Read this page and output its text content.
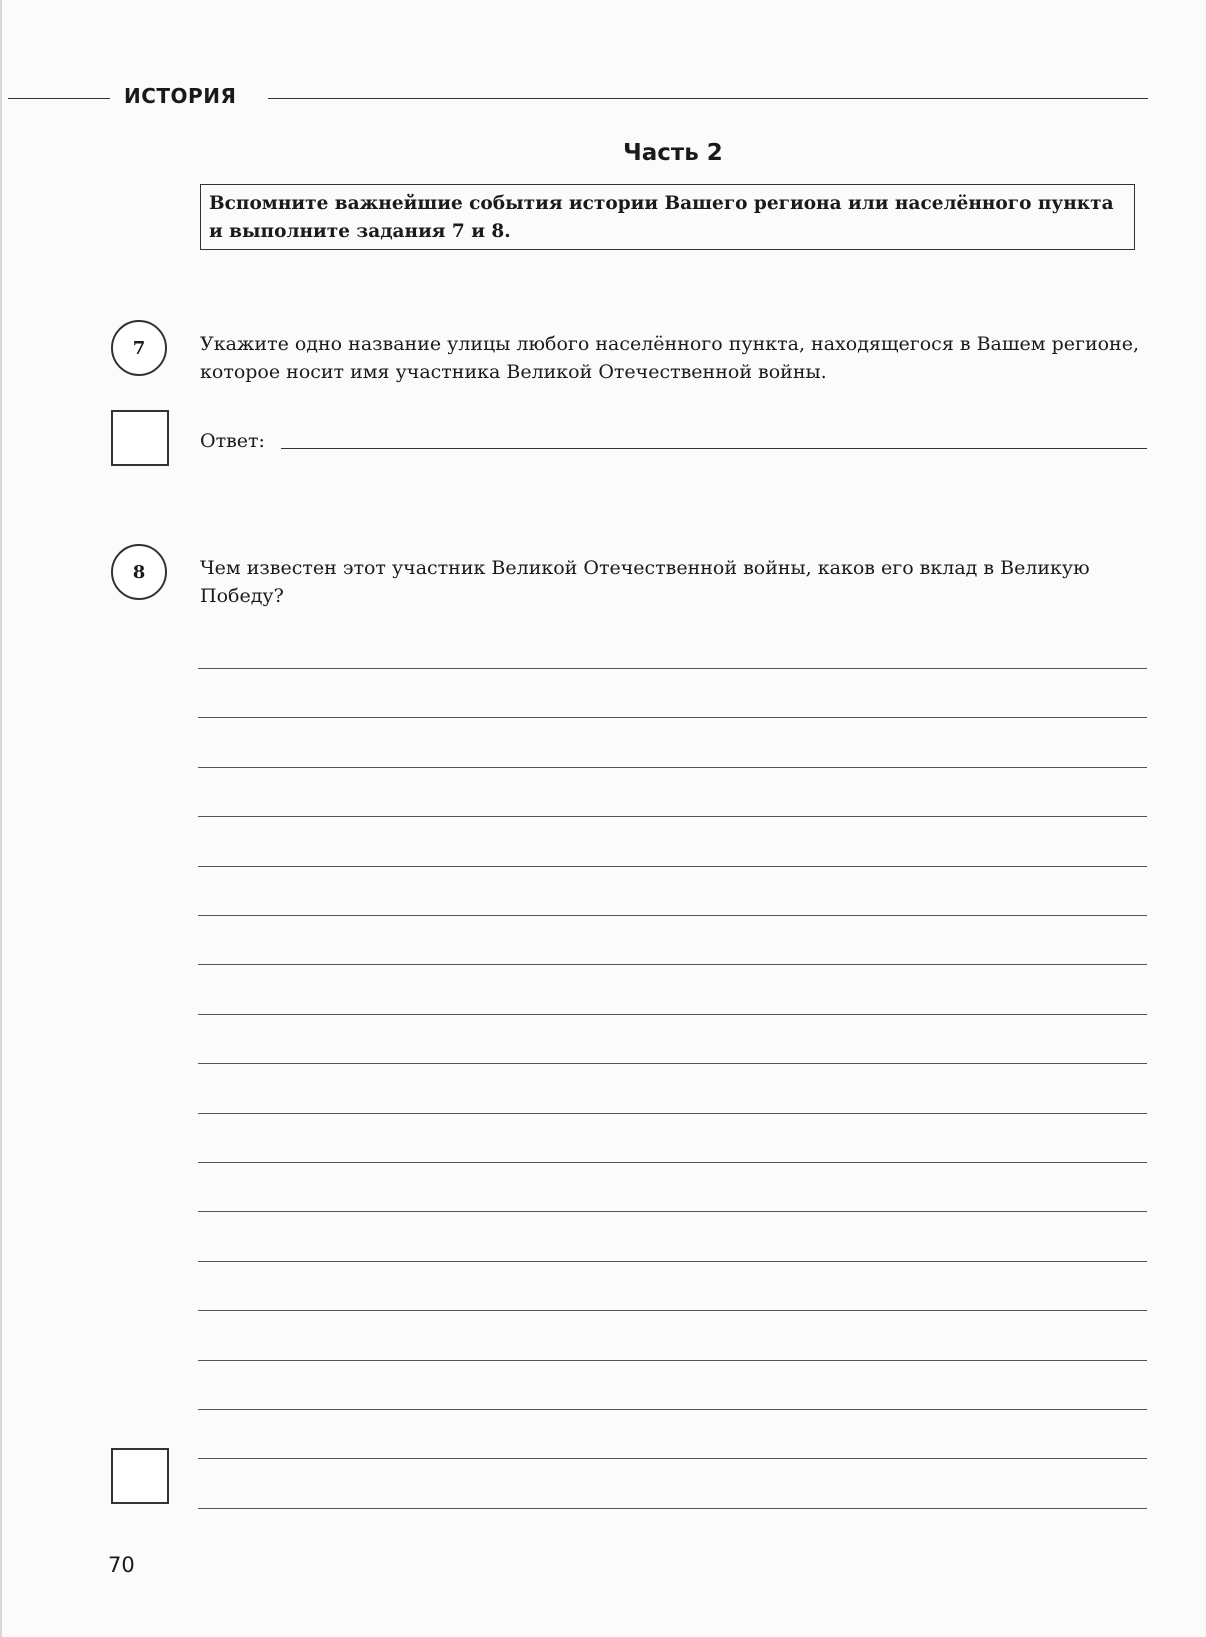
ИСТОРИЯ
Часть 2
Вспомните важнейшие события истории Вашего региона или населённого пункта и выполните задания 7 и 8.
7	Укажите одно название улицы любого населённого пункта, находящегося в Вашем регионе, которое носит имя участника Великой Отечественной войны.
Ответ:
8	Чем известен этот участник Великой Отечественной войны, каков его вклад в Великую Победу?
70
